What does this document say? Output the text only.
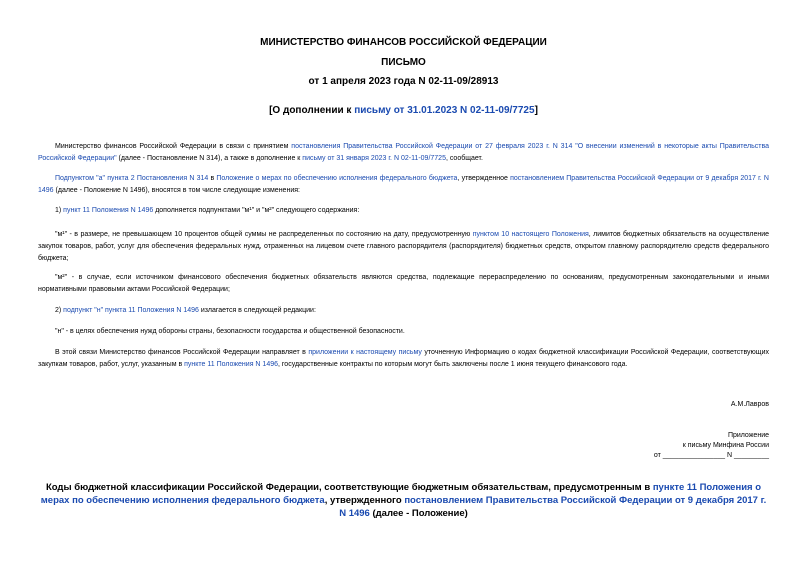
МИНИСТЕРСТВО ФИНАНСОВ РОССИЙСКОЙ ФЕДЕРАЦИИ
ПИСЬМО
от 1 апреля 2023 года N 02-11-09/28913
[О дополнении к письму от 31.01.2023 N 02-11-09/7725]
Министерство финансов Российской Федерации в связи с принятием постановления Правительства Российской Федерации от 27 февраля 2023 г. N 314 "О внесении изменений в некоторые акты Правительства Российской Федерации" (далее - Постановление N 314), а также в дополнение к письму от 31 января 2023 г. N 02-11-09/7725, сообщает.
Подпунктом "а" пункта 2 Постановления N 314 в Положение о мерах по обеспечению исполнения федерального бюджета, утвержденное постановлением Правительства Российской Федерации от 9 декабря 2017 г. N 1496 (далее - Положение N 1496), вносятся в том числе следующие изменения:
1) пункт 11 Положения N 1496 дополняется подпунктами "м¹" и "м²" следующего содержания:
"м¹" - в размере, не превышающем 10 процентов общей суммы не распределенных по состоянию на дату, предусмотренную пунктом 10 настоящего Положения, лимитов бюджетных обязательств на осуществление закупок товаров, работ, услуг для обеспечения федеральных нужд, отраженных на лицевом счете главного распорядителя (распорядителя) бюджетных средств, открытом главному распорядителю средств федерального бюджета;
"м²" - в случае, если источником финансового обеспечения бюджетных обязательств являются средства, подлежащие перераспределению по основаниям, предусмотренным законодательными и иными нормативными правовыми актами Российской Федерации;
2) подпункт "н" пункта 11 Положения N 1496 излагается в следующей редакции:
"н" - в целях обеспечения нужд обороны страны, безопасности государства и общественной безопасности.
В этой связи Министерство финансов Российской Федерации направляет в приложении к настоящему письму уточненную Информацию о кодах бюджетной классификации Российской Федерации, соответствующих закупкам товаров, работ, услуг, указанным в пункте 11 Положения N 1496, государственные контракты по которым могут быть заключены после 1 июня текущего финансового года.
А.М.Лавров
Приложение
к письму Минфина России
от ________________ N _________
Коды бюджетной классификации Российской Федерации, соответствующие бюджетным обязательствам, предусмотренным в пункте 11 Положения о мерах по обеспечению исполнения федерального бюджета, утвержденного постановлением Правительства Российской Федерации от 9 декабря 2017 г. N 1496 (далее - Положение)
